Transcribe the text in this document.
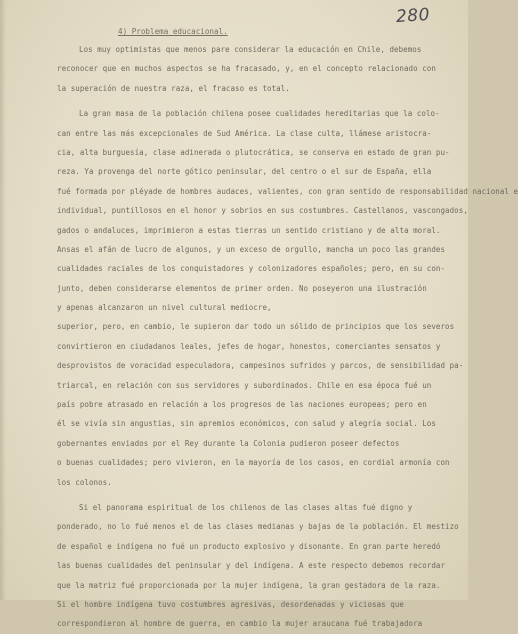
280
4) Problema educacional.
Los muy optimistas que menos pare considerar la educación en Chile, debemos
reconocer que en muchos aspectos se ha fracasado, y, en el concepto relacionado con
la superación de nuestra raza, el fracaso es total.
La gran masa de la población chilena posee cualidades hereditarias que la colo-
can entre las más excepcionales de Sud América. La clase culta, llámese aristocra-
cia, alta burguesía, clase adinerada o plutocrática, se conserva en estado de gran pu-
reza. Ya provenga del norte gótico peninsular, del centro o el sur de España, ella
fué formada por pléyade de hombres audaces, valientes, con gran sentido de responsabilidad nacional e
individual, puntillosos en el honor y sobrios en sus costumbres. Castellanos, vascongados,
gados o andaluces, imprimieron a estas tierras un sentido cristiano y de alta moral.
Ansas el afán de lucro de algunos, y un exceso de orgullo, mancha un poco las grandes
cualidades raciales de los conquistadores y colonizadores españoles; pero, en su con-
junto, deben considerarse elementos de primer orden. No poseyeron una ilustración
y apenas alcanzaron un nivel cultural mediocre,
superior, pero, en cambio, le supieron dar todo un sólido de principios que los severos
convirtieron en ciudadanos leales, jefes de hogar, honestos, comerciantes sensatos y
desprovistos de voracidad especuladora, campesinos sufridos y parcos, de sensibilidad pa-
triarcal, en relación con sus servidores y subordinados. Chile en esa época fué un
país pobre atrasado en relación a los progresos de las naciones europeas; pero en
él se vivía sin angustias, sin apremios económicos, con salud y alegría social. Los
gobernantes enviados por el Rey durante la Colonia pudieron poseer defectos
o buenas cualidades; pero vivieron, en la mayoría de los casos, en cordial armonía con
los colonos.
Si el panorama espiritual de los chilenos de las clases altas fué digno y
ponderado, no lo fué menos el de las clases medianas y bajas de la población. El mestizo
de español e indígena no fué un producto explosivo y disonante. En gran parte heredó
las buenas cualidades del peninsular y del indígena. A este respecto debemos recordar
que la matriz fué proporcionada por la mujer indígena, la gran gestadora de la raza.
Si el hombre indígena tuvo costumbres agresivas, desordenadas y viciosas que
correspondieron al hombre de guerra, en cambio la mujer araucana fué trabajadora
